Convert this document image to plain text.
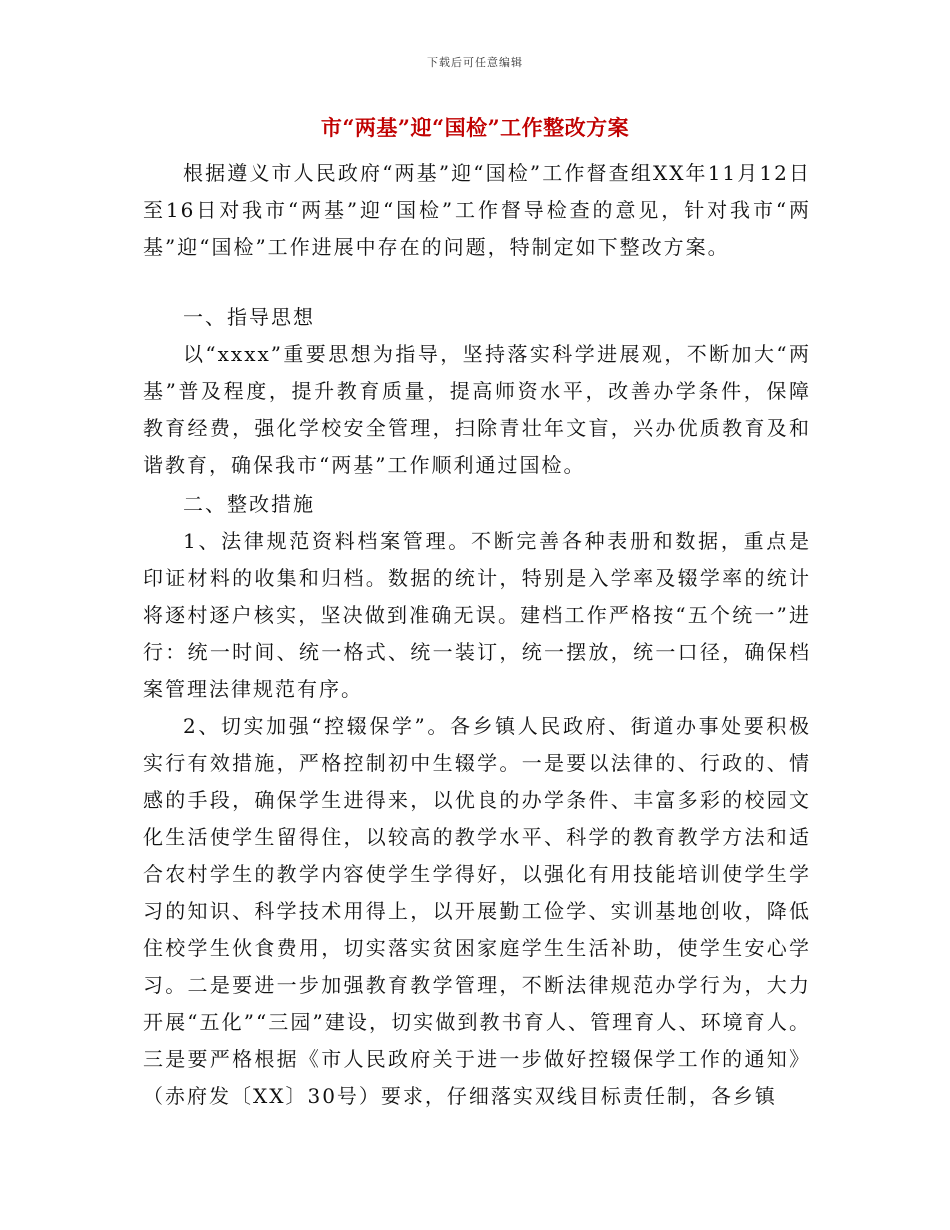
下载后可任意编辑
市“两基”迎“国检”工作整改方案

根据遵义市人民政府“两基”迎“国检”工作督查组XX年11月12日至16日对我市“两基”迎“国检”工作督导检查的意见，针对我市“两基”迎“国检”工作进展中存在的问题，特制定如下整改方案。

一、指导思想

以“xxxx”重要思想为指导，坚持落实科学进展观，不断加大“两基”普及程度，提升教育质量，提高师资水平，改善办学条件，保障教育经费，强化学校安全管理，扫除青壮年文盲，兴办优质教育及和谐教育，确保我市“两基”工作顺利通过国检。

二、整改措施

1、法律规范资料档案管理。不断完善各种表册和数据，重点是印证材料的收集和归档。数据的统计，特别是入学率及辍学率的统计将逐村逐户核实，坚决做到准确无误。建档工作严格按“五个统一”进行：统一时间、统一格式、统一装订，统一摆放，统一口径，确保档案管理法律规范有序。

2、切实加强“控辍保学”。各乡镇人民政府、街道办事处要积极实行有效措施，严格控制初中生辍学。一是要以法律的、行政的、情感的手段，确保学生进得来，以优良的办学条件、丰富多彩的校园文化生活使学生留得住，以较高的教学水平、科学的教育教学方法和适合农村学生的教学内容使学生学得好，以强化有用技能培训使学生学习的知识、科学技术用得上，以开展勤工俭学、实训基地创收，降低住校学生伙食费用，切实落实贫困家庭学生生活补助，使学生安心学习。二是要进一步加强教育教学管理，不断法律规范办学行为，大力开展“五化”“三园”建设，切实做到教书育人、管理育人、环境育人。三是要严格根据《市人民政府关于进一步做好控辍保学工作的通知》（赤府发〔XX〕30号）要求，仔细落实双线目标责任制，各乡镇
